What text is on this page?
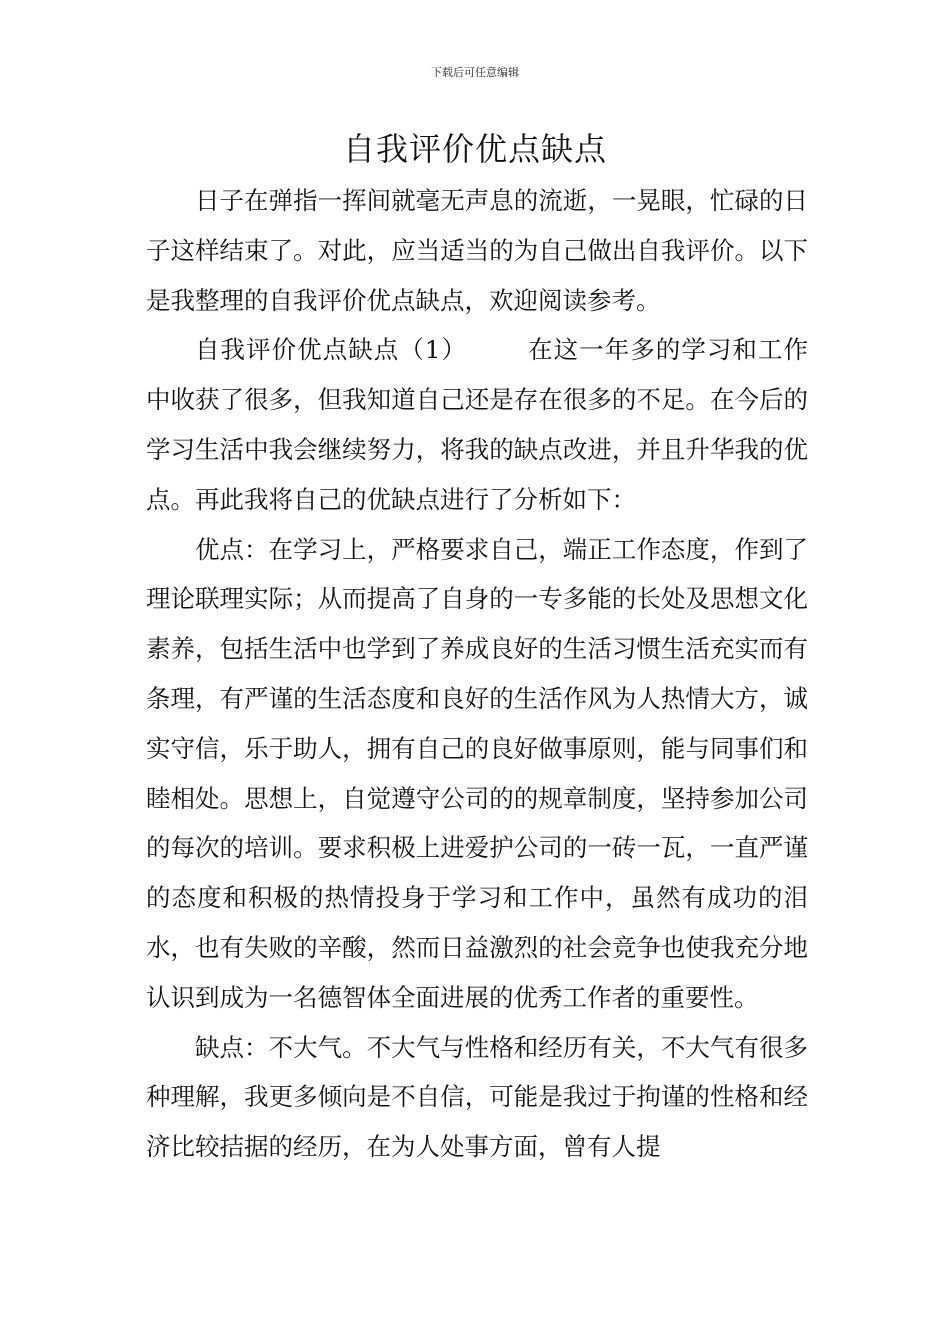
下载后可任意编辑
自我评价优点缺点

日子在弹指一挥间就毫无声息的流逝，一晃眼，忙碌的日子这样结束了。对此，应当适当的为自己做出自我评价。以下是我整理的自我评价优点缺点，欢迎阅读参考。

自我评价优点缺点（1） 在这一年多的学习和工作中收获了很多，但我知道自己还是存在很多的不足。在今后的学习生活中我会继续努力，将我的缺点改进，并且升华我的优点。再此我将自己的优缺点进行了分析如下：

优点：在学习上，严格要求自己，端正工作态度，作到了理论联理实际；从而提高了自身的一专多能的长处及思想文化素养，包括生活中也学到了养成良好的生活习惯生活充实而有条理，有严谨的生活态度和良好的生活作风为人热情大方，诚实守信，乐于助人，拥有自己的良好做事原则，能与同事们和睦相处。思想上，自觉遵守公司的的规章制度，坚持参加公司的每次的培训。要求积极上进爱护公司的一砖一瓦，一直严谨的态度和积极的热情投身于学习和工作中，虽然有成功的泪水，也有失败的辛酸，然而日益激烈的社会竞争也使我充分地认识到成为一名德智体全面进展的优秀工作者的重要性。

缺点：不大气。不大气与性格和经历有关，不大气有很多种理解，我更多倾向是不自信，可能是我过于拘谨的性格和经济比较拮据的经历，在为人处事方面，曾有人提
